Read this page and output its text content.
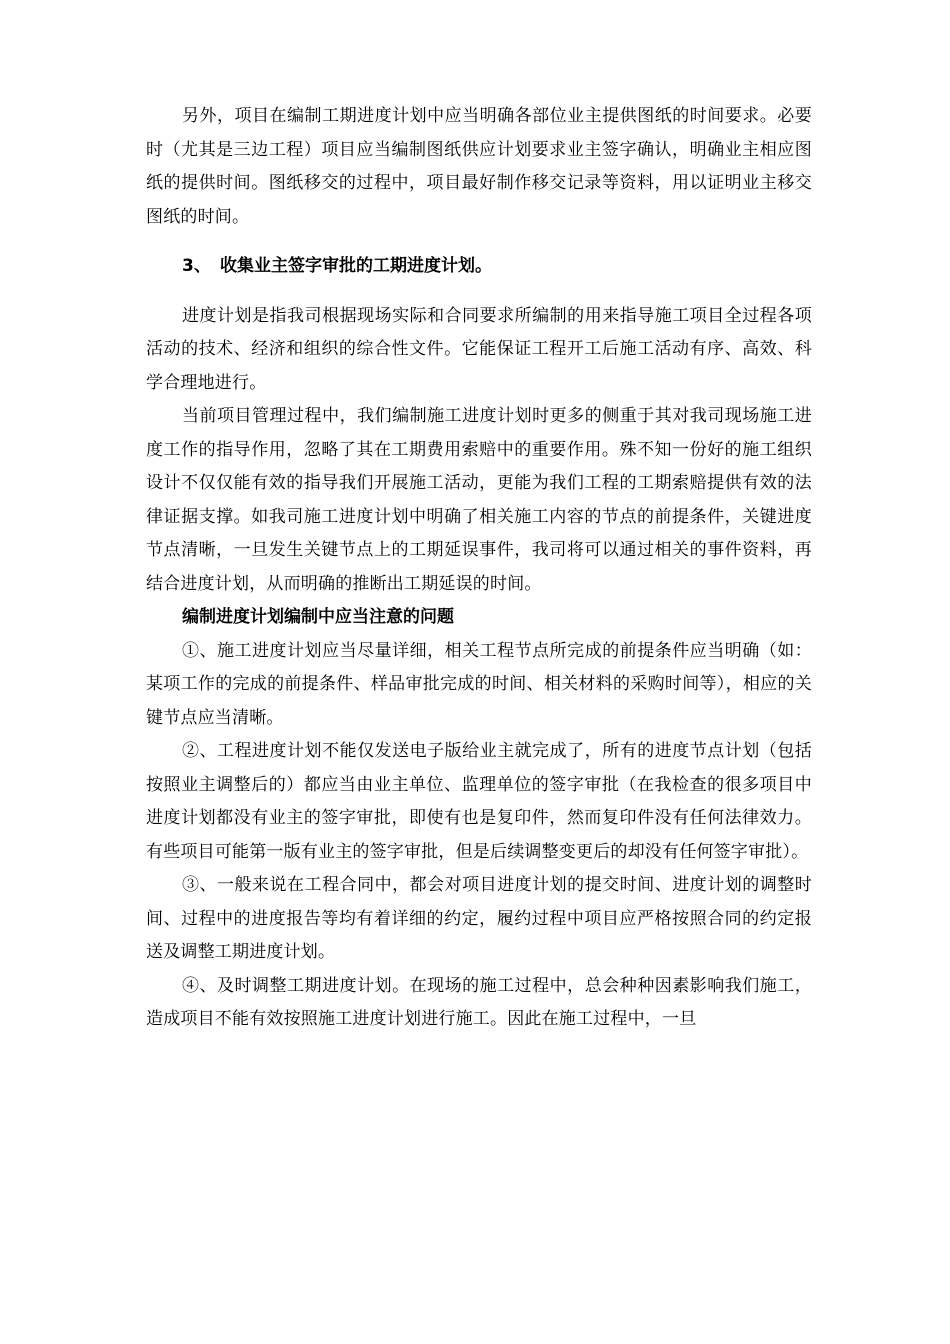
另外，项目在编制工期进度计划中应当明确各部位业主提供图纸的时间要求。必要时（尤其是三边工程）项目应当编制图纸供应计划要求业主签字确认，明确业主相应图纸的提供时间。图纸移交的过程中，项目最好制作移交记录等资料，用以证明业主移交图纸的时间。

3、 收集业主签字审批的工期进度计划。

进度计划是指我司根据现场实际和合同要求所编制的用来指导施工项目全过程各项活动的技术、经济和组织的综合性文件。它能保证工程开工后施工活动有序、高效、科学合理地进行。

当前项目管理过程中，我们编制施工进度计划时更多的侧重于其对我司现场施工进度工作的指导作用，忽略了其在工期费用索赔中的重要作用。殊不知一份好的施工组织设计不仅仅能有效的指导我们开展施工活动，更能为我们工程的工期索赔提供有效的法律证据支撑。如我司施工进度计划中明确了相关施工内容的节点的前提条件，关键进度节点清晰，一旦发生关键节点上的工期延误事件，我司将可以通过相关的事件资料，再结合进度计划，从而明确的推断出工期延误的时间。

编制进度计划编制中应当注意的问题

①、施工进度计划应当尽量详细，相关工程节点所完成的前提条件应当明确（如：某项工作的完成的前提条件、样品审批完成的时间、相关材料的采购时间等），相应的关键节点应当清晰。

②、工程进度计划不能仅发送电子版给业主就完成了，所有的进度节点计划（包括按照业主调整后的）都应当由业主单位、监理单位的签字审批（在我检查的很多项目中进度计划都没有业主的签字审批，即使有也是复印件，然而复印件没有任何法律效力。有些项目可能第一版有业主的签字审批，但是后续调整变更后的却没有任何签字审批）。

③、一般来说在工程合同中，都会对项目进度计划的提交时间、进度计划的调整时间、过程中的进度报告等均有着详细的约定，履约过程中项目应严格按照合同的约定报送及调整工期进度计划。

④、及时调整工期进度计划。在现场的施工过程中，总会种种因素影响我们施工，造成项目不能有效按照施工进度计划进行施工。因此在施工过程中，一旦
